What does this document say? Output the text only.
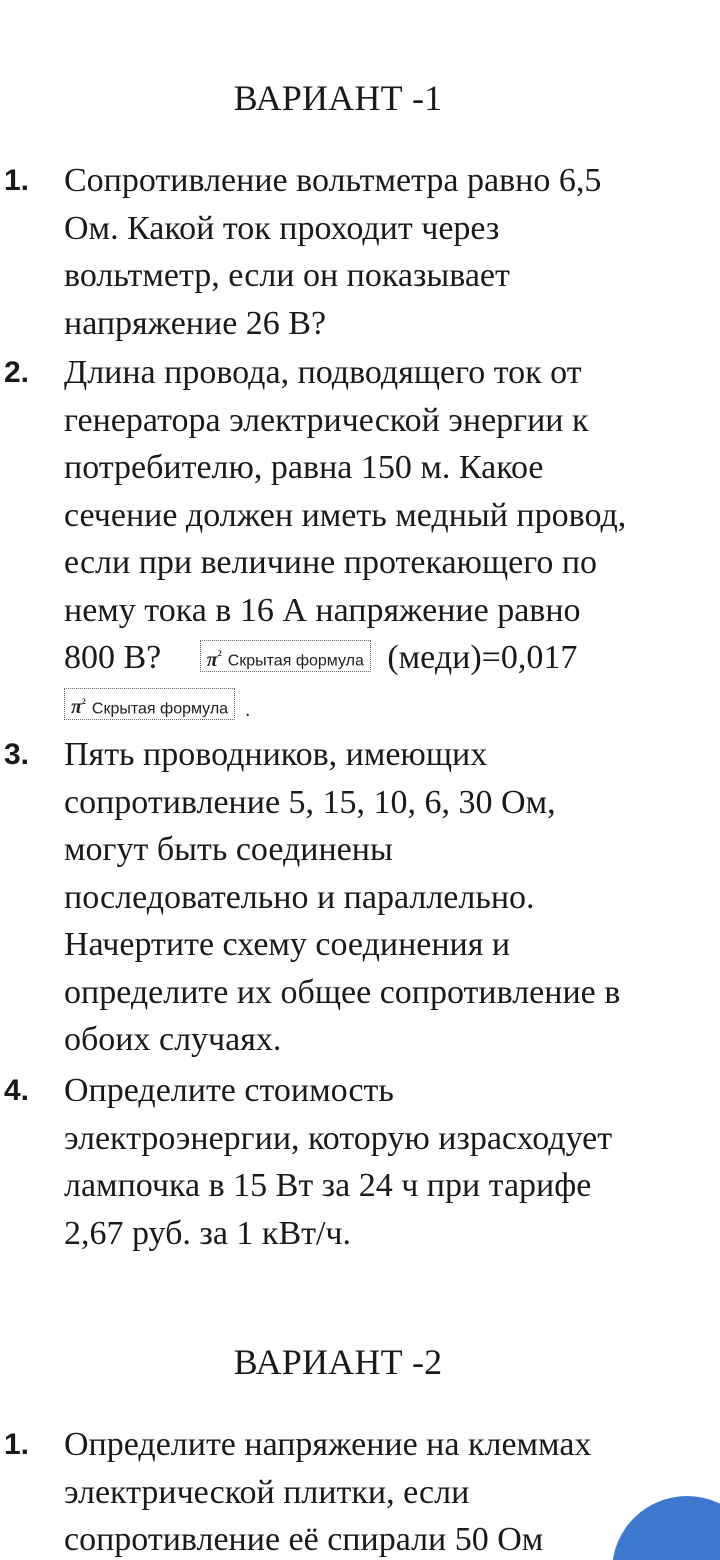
ВАРИАНТ -1
1.	Сопротивление вольтметра равно 6,5
Ом. Какой ток проходит через
вольтметр, если он показывает
напряжение 26 В?
2.	Длина провода, подводящего ток от
генератора электрической энергии к
потребителю, равна 150 м. Какое
сечение должен иметь медный провод,
если при величине протекающего по
нему тока в 16 А напряжение равно
800 В? $\pi^2$ Скрытая формула (меди)=0,017
$\pi^2$ Скрытая формула .
3.	Пять проводников, имеющих
сопротивление 5, 15, 10, 6, 30 Ом,
могут быть соединены
последовательно и параллельно.
Начертите схему соединения и
определите их общее сопротивление в
обоих случаях.
4.	Определите стоимость
электроэнергии, которую израсходует
лампочка в 15 Вт за 24 ч при тарифе
2,67 руб. за 1 кВт/ч.
ВАРИАНТ -2
1.	Определите напряжение на клеммах
электрической плитки, если
сопротивление её спирали 50 Ом
